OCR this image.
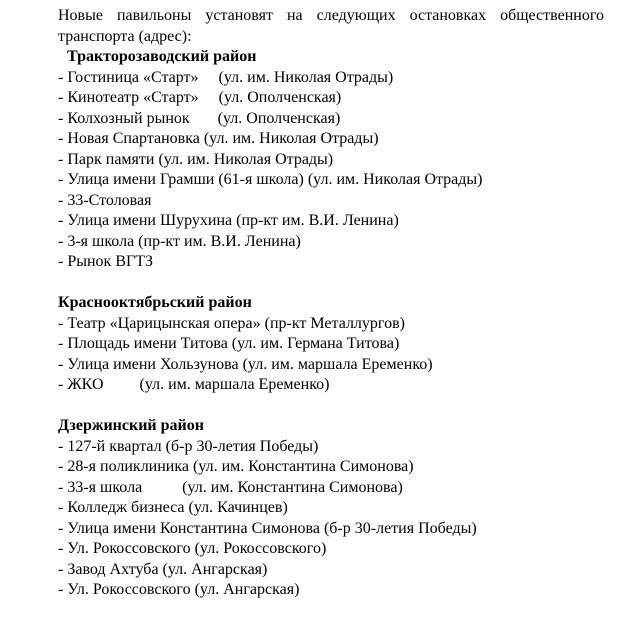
Новые павильоны установят на следующих остановках общественного
транспорта (адрес):

Тракторозаводский район

- Гостиница «Старт»     (ул. им. Николая Отрады)
- Кинотеатр «Старт»     (ул. Ополченская)
- Колхозный рынок       (ул. Ополченская)
- Новая Спартановка (ул. им. Николая Отрады)
- Парк памяти (ул. им. Николая Отрады)
- Улица имени Грамши (61-я школа) (ул. им. Николая Отрады)
- 33-Столовая
- Улица имени Шурухина (пр-кт им. В.И. Ленина)
- 3-я школа (пр-кт им. В.И. Ленина)
- Рынок ВГТЗ

Краснооктябрьский район

- Театр «Царицынская опера» (пр-кт Металлургов)
- Площадь имени Титова (ул. им. Германа Титова)
- Улица имени Хользунова (ул. им. маршала Еременко)
- ЖКО         (ул. им. маршала Еременко)

Дзержинский район

- 127-й квартал (б-р 30-летия Победы)
- 28-я поликлиника (ул. им. Константина Симонова)
- 33-я школа          (ул. им. Константина Симонова)
- Колледж бизнеса (ул. Качинцев)
- Улица имени Константина Симонова (б-р 30-летия Победы)
- Ул. Рокоссовского (ул. Рокоссовского)
- Завод Ахтуба (ул. Ангарская)
- Ул. Рокоссовского (ул. Ангарская)
